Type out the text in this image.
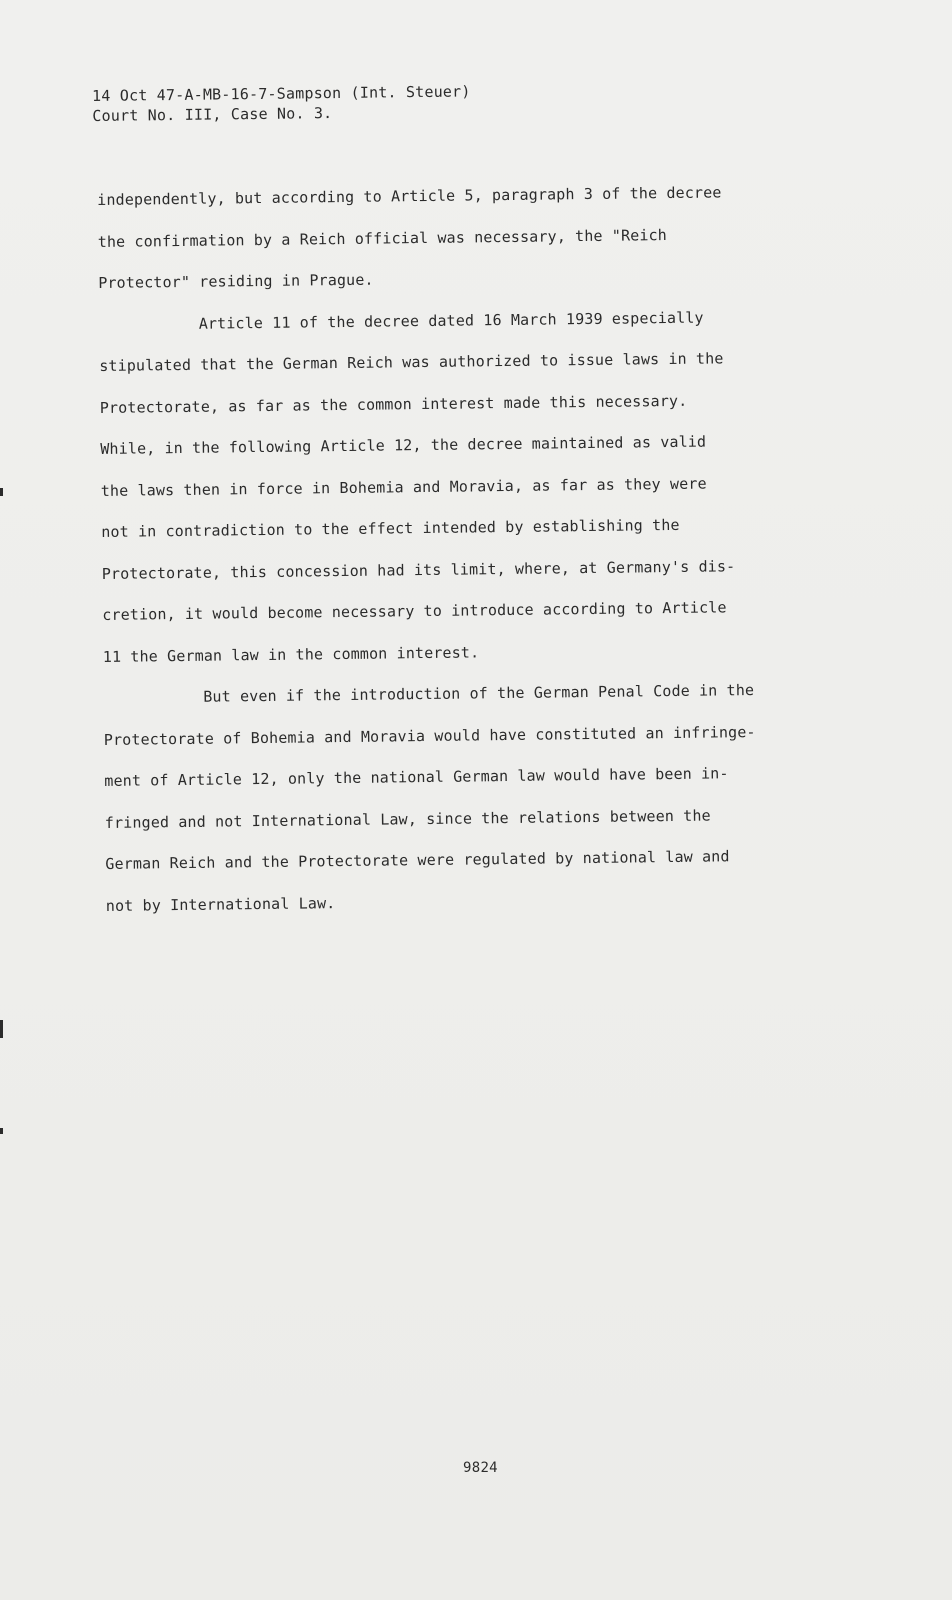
14 Oct 47-A-MB-16-7-Sampson (Int. Steuer)
Court No. III, Case No. 3.
independently, but according to Article 5, paragraph 3 of the decree
the confirmation by a Reich official was necessary, the "Reich
Protector" residing in Prague.
Article 11 of the decree dated 16 March 1939 especially
stipulated that the German Reich was authorized to issue laws in the
Protectorate, as far as the common interest made this necessary.
While, in the following Article 12, the decree maintained as valid
the laws then in force in Bohemia and Moravia, as far as they were
not in contradiction to the effect intended by establishing the
Protectorate, this concession had its limit, where, at Germany's dis-
cretion, it would become necessary to introduce according to Article
11 the German law in the common interest.
But even if the introduction of the German Penal Code in the
Protectorate of Bohemia and Moravia would have constituted an infringe-
ment of Article 12, only the national German law would have been in-
fringed and not International Law, since the relations between the
German Reich and the Protectorate were regulated by national law and
not by International Law.
9824
